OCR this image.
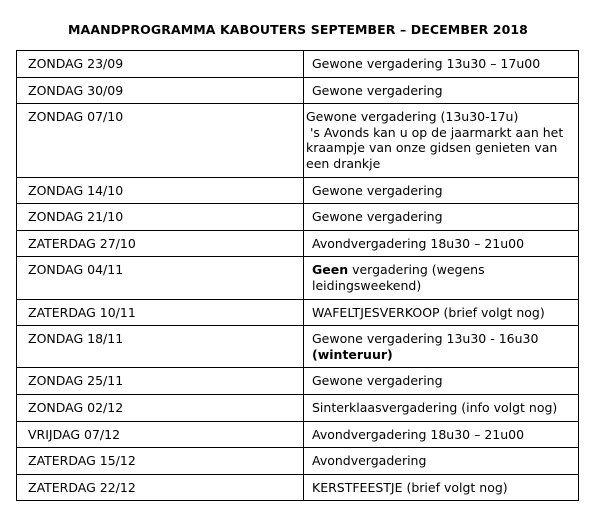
MAANDPROGRAMMA KABOUTERS SEPTEMBER – DECEMBER 2018
ZONDAG 23/09	Gewone vergadering 13u30 – 17u00
ZONDAG 30/09	Gewone vergadering
ZONDAG 07/10	Gewone vergadering (13u30-17u)
's Avonds kan u op de jaarmarkt aan het kraampje van onze gidsen genieten van een drankje

ZONDAG 14/10	Gewone vergadering
ZONDAG 21/10	Gewone vergadering
ZATERDAG 27/10	Avondvergadering 18u30 – 21u00
ZONDAG 04/11	Geen vergadering (wegens leidingsweekend)
ZATERDAG 10/11	WAFELTJESVERKOOP (brief volgt nog)
ZONDAG 18/11	Gewone vergadering 13u30 - 16u30
(winteruur)

ZONDAG 25/11	Gewone vergadering
ZONDAG 02/12	Sinterklaasvergadering (info volgt nog)
VRIJDAG 07/12	Avondvergadering 18u30 – 21u00
ZATERDAG 15/12	Avondvergadering
ZATERDAG 22/12	KERSTFEESTJE (brief volgt nog)
